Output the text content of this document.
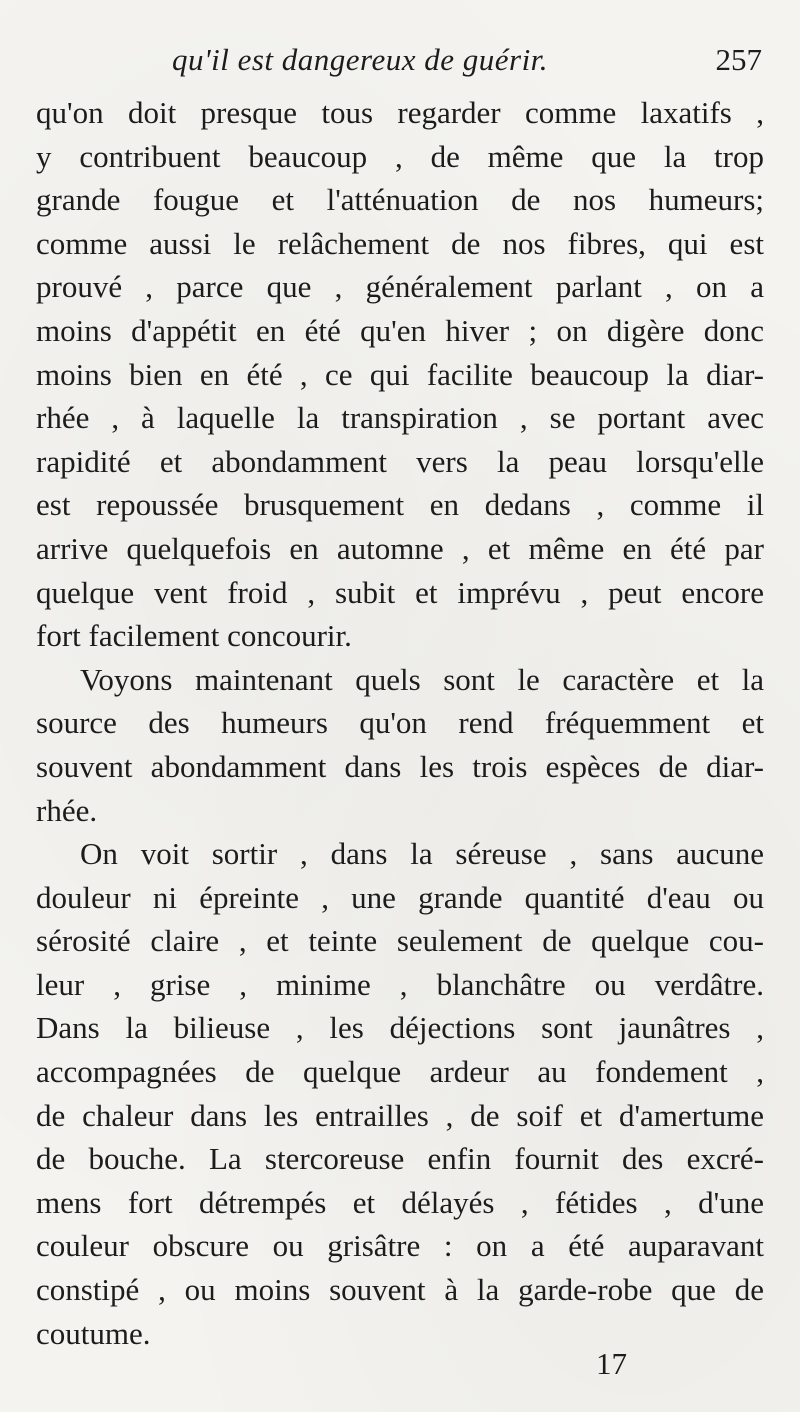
qu'il est dangereux de guérir.	257
qu'on doit presque tous regarder comme laxatifs ,
y contribuent beaucoup , de même que la trop
grande fougue et l'atténuation de nos humeurs;
comme aussi le relâchement de nos fibres, qui est
prouvé , parce que , généralement parlant , on a
moins d'appétit en été qu'en hiver ; on digère donc
moins bien en été , ce qui facilite beaucoup la diar-
rhée , à laquelle la transpiration , se portant avec
rapidité et abondamment vers la peau lorsqu'elle
est repoussée brusquement en dedans , comme il
arrive quelquefois en automne , et même en été par
quelque vent froid , subit et imprévu , peut encore
fort facilement concourir.
Voyons maintenant quels sont le caractère et la
source des humeurs qu'on rend fréquemment et
souvent abondamment dans les trois espèces de diar-
rhée.
On voit sortir , dans la séreuse , sans aucune
douleur ni épreinte , une grande quantité d'eau ou
sérosité claire , et teinte seulement de quelque cou-
leur , grise , minime , blanchâtre ou verdâtre.
Dans la bilieuse , les déjections sont jaunâtres ,
accompagnées de quelque ardeur au fondement ,
de chaleur dans les entrailles , de soif et d'amertume
de bouche. La stercoreuse enfin fournit des excré-
mens fort détrempés et délayés , fétides , d'une
couleur obscure ou grisâtre : on a été auparavant
constipé , ou moins souvent à la garde-robe que de
coutume.
17
